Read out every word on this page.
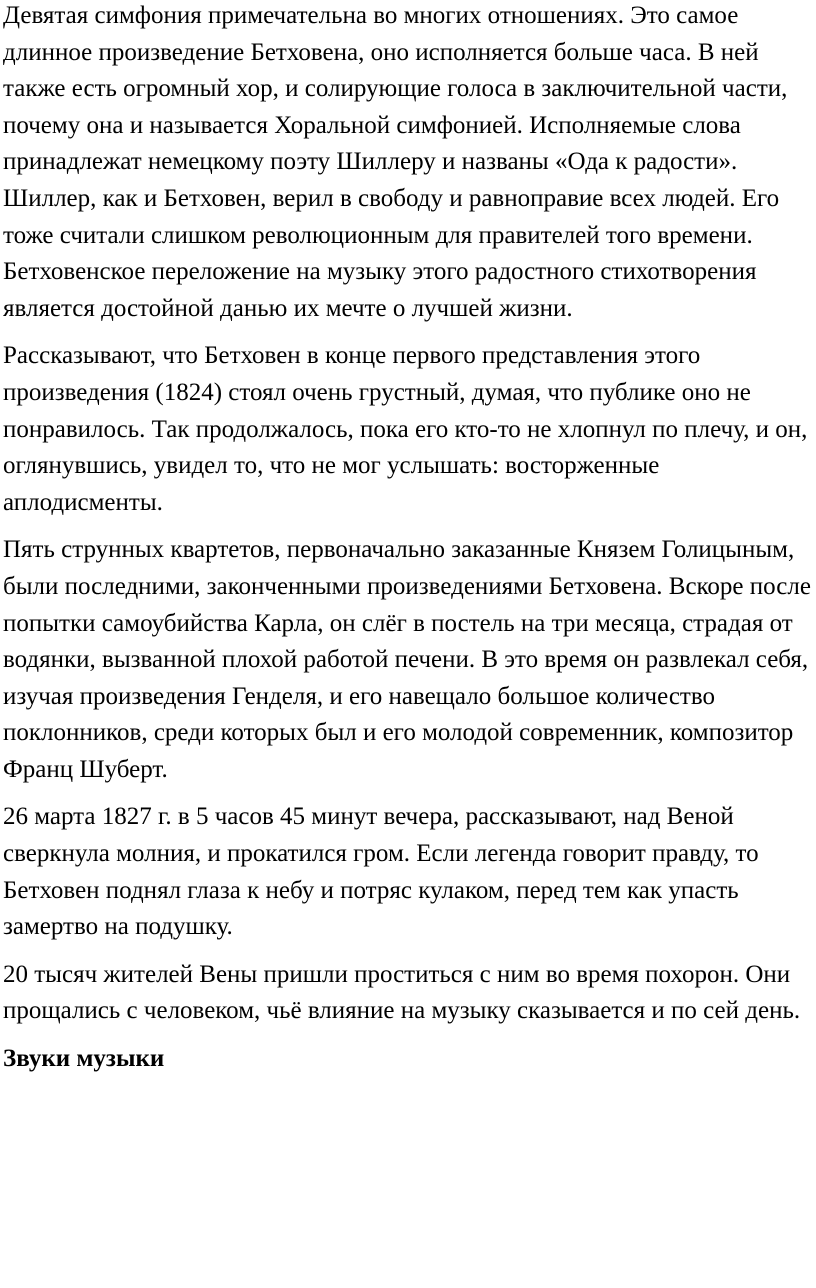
Девятая симфония примечательна во многих отношениях. Это самое длинное произведение Бетховена, оно исполняется больше часа. В ней также есть огромный хор, и солирующие голоса в заключительной части, почему она и называется Хоральной симфонией. Исполняемые слова принадлежат немецкому поэту Шиллеру и названы «Ода к радости». Шиллер, как и Бетховен, верил в свободу и равноправие всех людей. Его тоже считали слишком революционным для правителей того времени. Бетховенское переложение на музыку этого радостного стихотворения является достойной данью их мечте о лучшей жизни.

Рассказывают, что Бетховен в конце первого представления этого произведения (1824) стоял очень грустный, думая, что публике оно не понравилось. Так продолжалось, пока его кто-то не хлопнул по плечу, и он, оглянувшись, увидел то, что не мог услышать: восторженные аплодисменты.

Пять струнных квартетов, первоначально заказанные Князем Голицыным, были последними, законченными произведениями Бетховена. Вскоре после попытки самоубийства Карла, он слёг в постель на три месяца, страдая от водянки, вызванной плохой работой печени. В это время он развлекал себя, изучая произведения Генделя, и его навещало большое количество поклонников, среди которых был и его молодой современник, композитор Франц Шуберт.

26 марта 1827 г. в 5 часов 45 минут вечера, рассказывают, над Веной сверкнула молния, и прокатился гром. Если легенда говорит правду, то Бетховен поднял глаза к небу и потряс кулаком, перед тем как упасть замертво на подушку.

20 тысяч жителей Вены пришли проститься с ним во время похорон. Они прощались с человеком, чьё влияние на музыку сказывается и по сей день.

Звуки музыки
